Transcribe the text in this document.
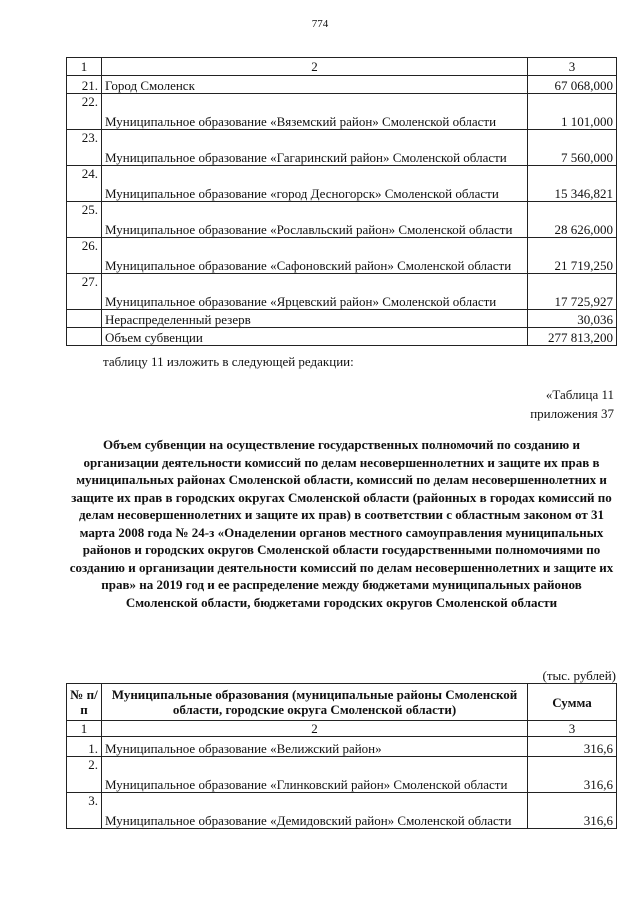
774
1	2	3
21.	Город Смоленск	67 068,000
22.	Муниципальное образование «Вяземский район» Смоленской области	1 101,000
23.	Муниципальное образование «Гагаринский район» Смоленской области	7 560,000
24.	Муниципальное образование «город Десногорск» Смоленской области	15 346,821
25.	Муниципальное образование «Рославльский район» Смоленской области	28 626,000
26.	Муниципальное образование «Сафоновский район» Смоленской области	21 719,250
27.	Муниципальное образование «Ярцевский район» Смоленской области	17 725,927
	Нераспределенный резерв	30,036
	Объем субвенции	277 813,200
таблицу 11 изложить в следующей редакции:
«Таблица 11
приложения 37
Объем субвенции на осуществление государственных полномочий по созданию и организации деятельности комиссий по делам несовершеннолетних и защите их прав в муниципальных районах Смоленской области, комиссий по делам несовершеннолетних и защите их прав в городских округах Смоленской области (районных в городах комиссий по делам несовершеннолетних и защите их прав) в соответствии с областным законом от 31 марта 2008 года № 24-з «Онаделении органов местного самоуправления муниципальных районов и городских округов Смоленской области государственными полномочиями по созданию и организации деятельности комиссий по делам несовершеннолетних и защите их прав» на 2019 год и ее распределение между бюджетами муниципальных районов Смоленской области, бюджетами городских округов Смоленской области
(тыс. рублей)
№ п/п	Муниципальные образования (муниципальные районы Смоленской области, городские округа Смоленской области)	Сумма
1	2	3
1.	Муниципальное образование «Велижский район»	316,6
2.	Муниципальное образование «Глинковский район» Смоленской области	316,6
3.	Муниципальное образование «Демидовский район» Смоленской области	316,6
